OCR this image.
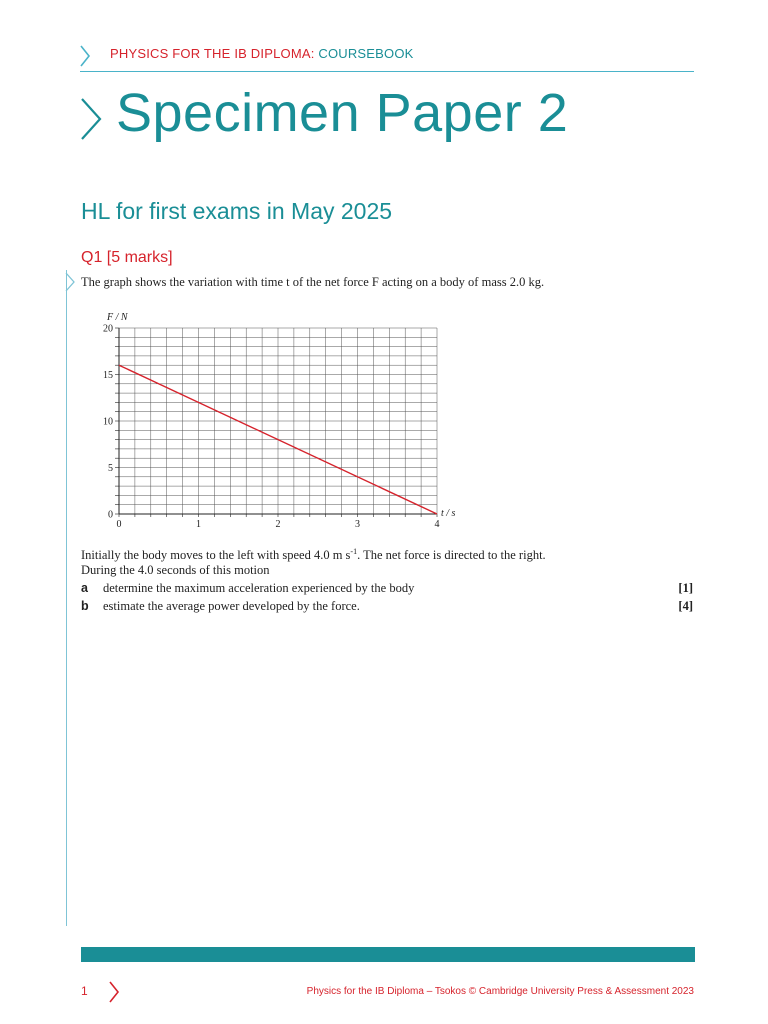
PHYSICS FOR THE IB DIPLOMA: COURSEBOOK
Specimen Paper 2
HL for first exams in May 2025
Q1 [5 marks]
The graph shows the variation with time t of the net force F acting on a body of mass 2.0 kg.
0	1	2	3	4
0
5
10
15
20
F / N
t / s
Initially the body moves to the left with speed 4.0 m $s^{-1}$. The net force is directed to the right.
During the 4.0 seconds of this motion
a determine the maximum acceleration experienced by the body	[1]
b estimate the average power developed by the force.	[4]
1	Physics for the IB Diploma – Tsokos © Cambridge University Press & Assessment 2023
